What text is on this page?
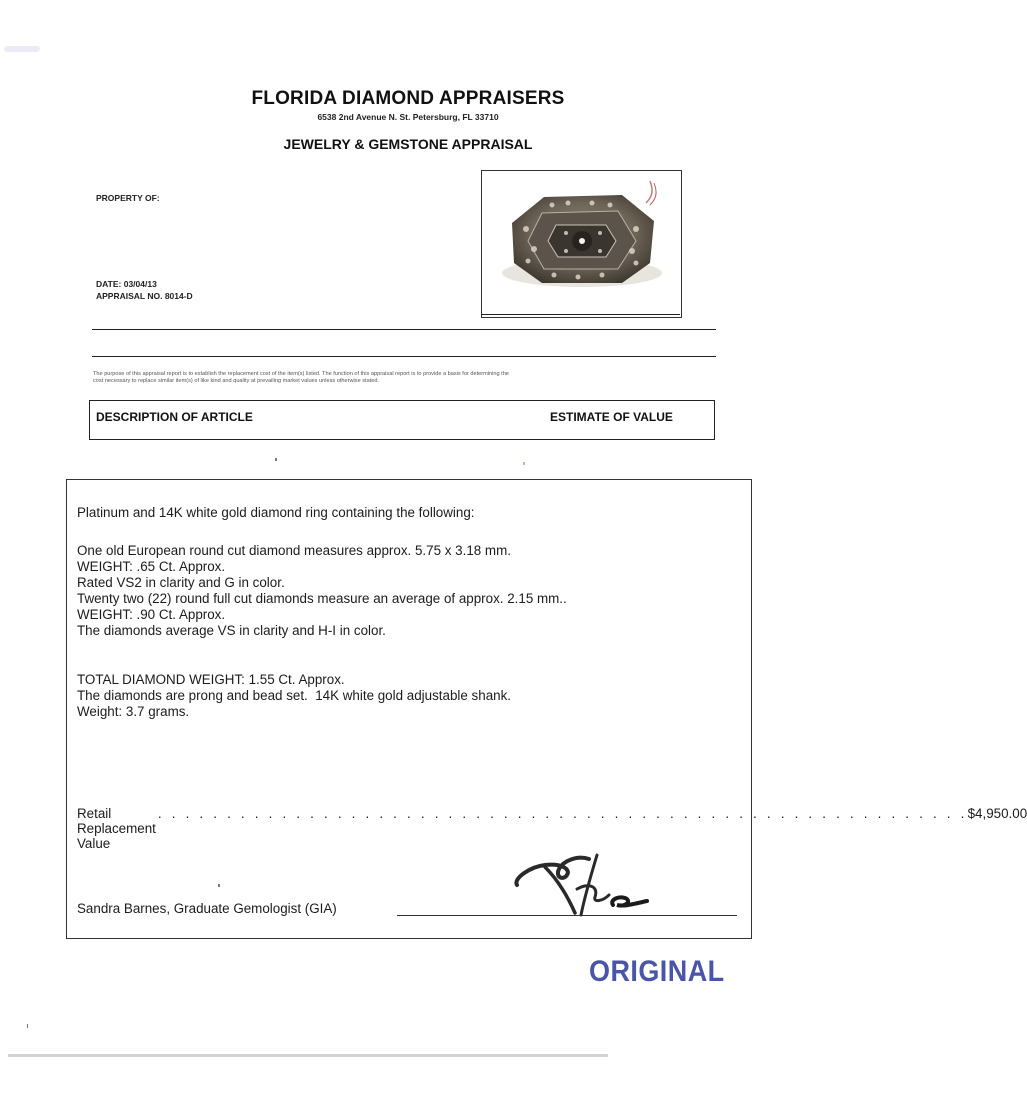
FLORIDA DIAMOND APPRAISERS
6538 2nd Avenue N. St. Petersburg, FL 33710
JEWELRY & GEMSTONE APPRAISAL
PROPERTY OF:
DATE: 03/04/13
APPRAISAL NO. 8014-D
The purpose of this appraisal report is to establish the replacement cost of the item(s) listed. The function of this appraisal report is to provide a basis for determining the
cost necessary to replace similar item(s) of like kind and quality at prevailing market values unless otherwise stated.
DESCRIPTION OF ARTICLE	ESTIMATE OF VALUE
Platinum and 14K white gold diamond ring containing the following:
One old European round cut diamond measures approx. 5.75 x 3.18 mm.
WEIGHT: .65 Ct. Approx.
Rated VS2 in clarity and G in color.
Twenty two (22) round full cut diamonds measure an average of approx. 2.15 mm..
WEIGHT: .90 Ct. Approx.
The diamonds average VS in clarity and H-I in color.
TOTAL DIAMOND WEIGHT: 1.55 Ct. Approx.
The diamonds are prong and bead set.  14K white gold adjustable shank.
Weight: 3.7 grams.
Retail Replacement Value
. . . . . . . . . . . . . . . . . . . . . . . . . . . . . . . . . . . . . . . . . . . . . . . . . . . . . . . . . . . $4,950.00
Sandra Barnes, Graduate Gemologist (GIA)
ORIGINAL
